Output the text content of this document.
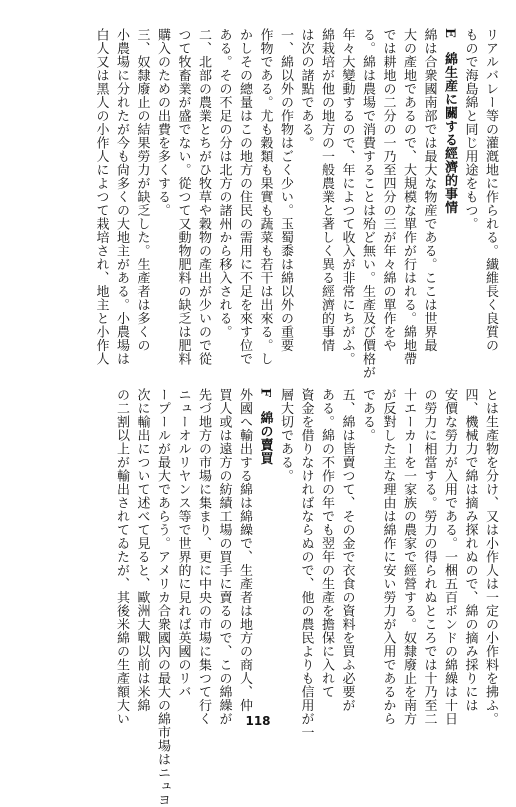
リアルバレー等の灌漑地に作られる。纎維長く良質の
もので海島綿と同じ用途をもつ。
E　綿生産に關する經濟的事情
綿は合衆國南部では最大な物産である。ここは世界最
大の產地であるので、大規模な單作が行はれる。綿地帶
では耕地の二分の一乃至四分の三が年々綿の單作をや
る。綿は農場で消費することは殆ど無い。生產及び價格が
年々大變動するので、年によつて收入が非常にちがふ。
綿栽培が他の地方の一般農業と著しく異る經濟的事情
は次の諸點である。
一、綿以外の作物はごく少い。玉蜀黍は綿以外の重要
作物である。尤も穀類も果實も蔬菜も若干は出來る。し
かしその總量はこの地方の住民の需用に不足を來す位で
ある。その不足の分は北方の諸州から移入される。
二、北部の農業とちがひ牧草や穀物の產出が少いので從
つて牧畜業が盛でない。從つて又動物肥料の缺乏は肥料
購入のための出費を多くする。
三、奴隸廢止の結果勞力が缺乏した。生產者は多くの
小農場に分れたが今も尙多くの大地主がある。小農場は
白人又は黑人の小作人によつて栽培され、地主と小作人
とは生產物を分け、又は小作人は一定の小作料を拂ふ。
四、機械力で綿は摘み探れぬので、綿の摘み採りには
安價な勞力が入用である。一梱五百ポンドの綿繰は十日
の勞力に相當する。勞力の得られぬところでは十乃至二
十エーカーを一家族の農家で經營する。奴隸廢止を南方
が反對した主な理由は綿作に安い勞力が入用であるから
である。
五、綿は皆賣つて、その金で衣食の資料を買ふ必要が
ある。綿の不作の年でも翌年の生產を擔保に入れて
資金を借りなければならぬので、他の農民よりも信用が一
層大切である。
F　綿の賣買
外國へ輸出する綿は綿繰で、生產者は地方の商人、仲
買人或は遠方の紡績工場の買手に賣るので、この綿繰が
先づ地方の市場に集まり、更に中央の市場に集つて行く
ニューオルリヤンス等で世界的に見れば英國のリバ
ープールが最大であらう。アメリカ合衆國內の最大の綿市場はニュヨ
次に輸出について述べて見ると、歐洲大戰以前は米綿
の二割以上が輸出されてゐたが、其後米綿の生產額大い	118
